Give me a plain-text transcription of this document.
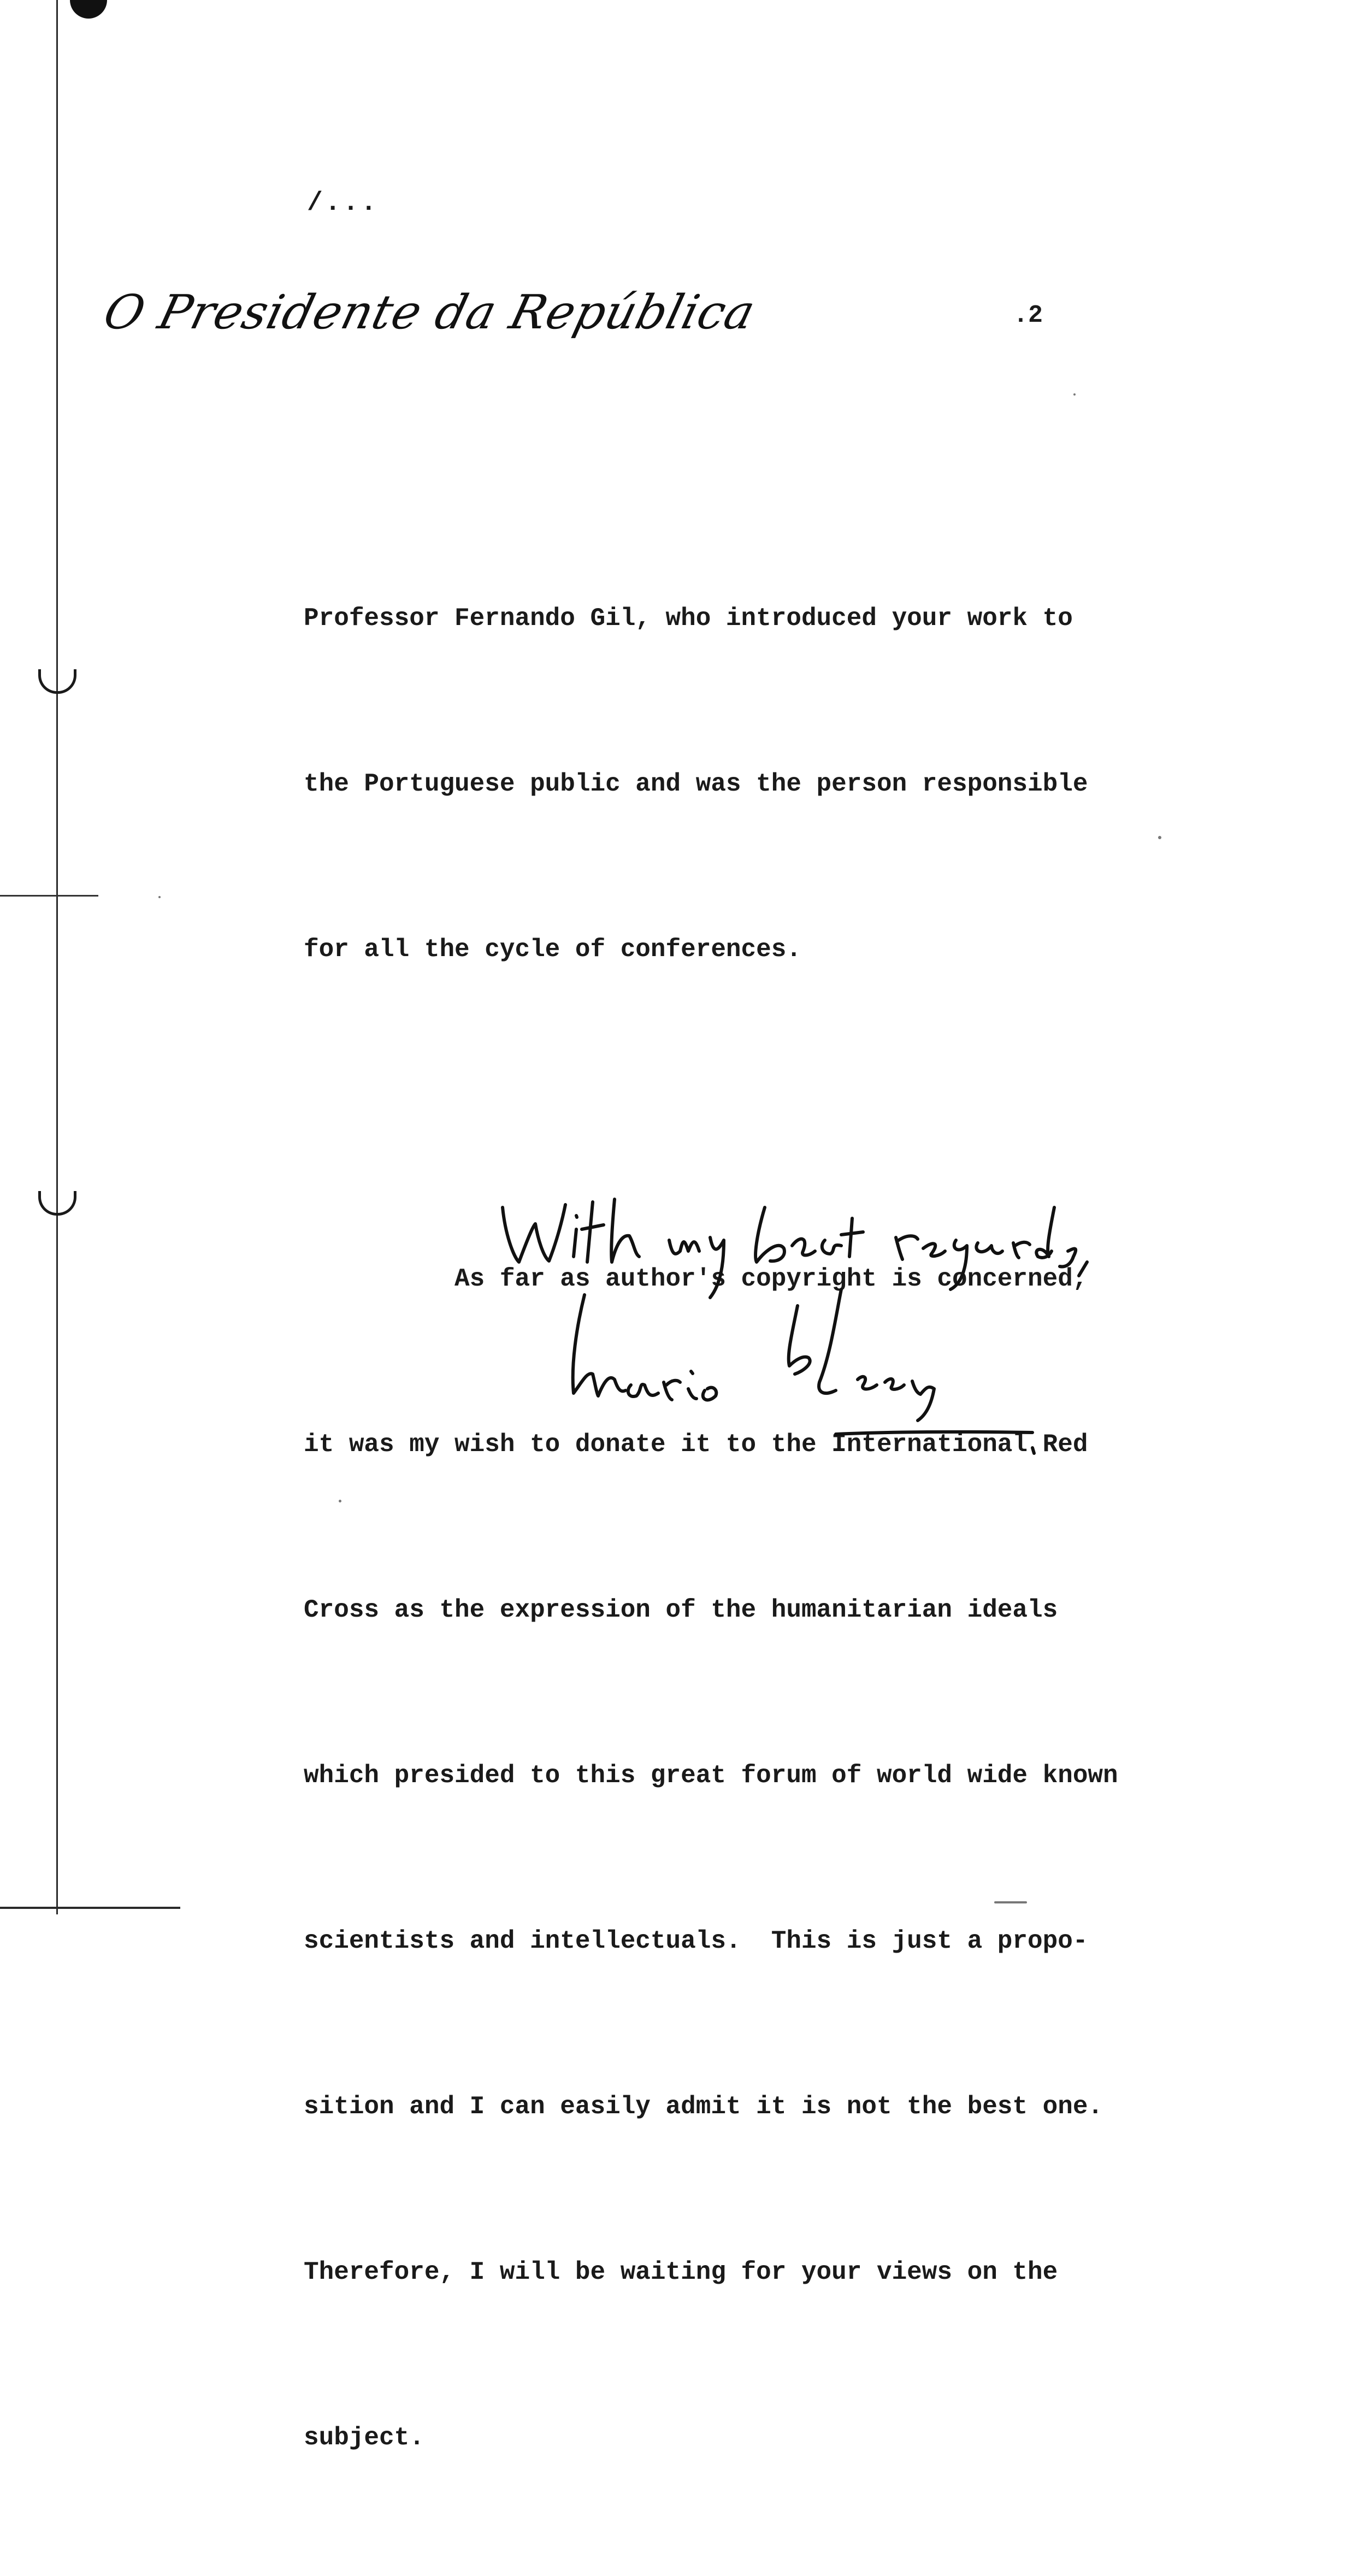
/...
O Presidente da República	.2

Professor Fernando Gil, who introduced your work to

the Portuguese public and was the person responsible

for all the cycle of conferences.

As far as author's copyright is concerned,

it was my wish to donate it to the International Red

Cross as the expression of the humanitarian ideals

which presided to this great forum of world wide known

scientists and intellectuals.  This is just a propo-

sition and I can easily admit it is not the best one.

Therefore, I will be waiting for your views on the

subject.
